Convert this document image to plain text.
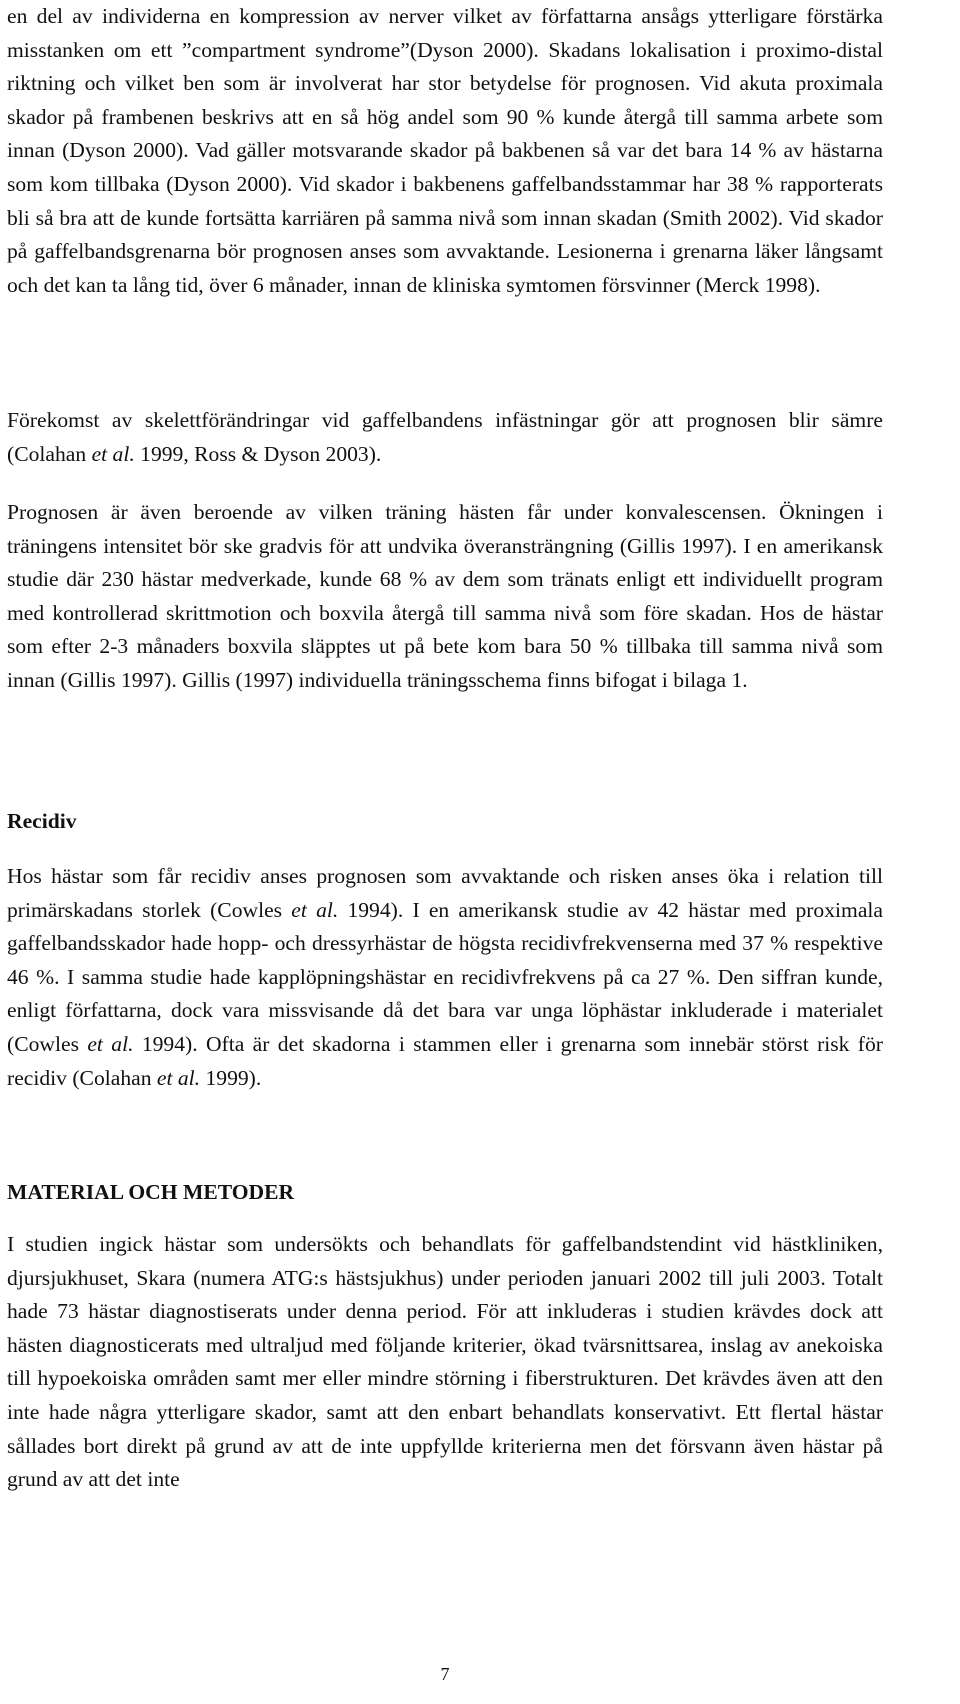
en del av individerna en kompression av nerver vilket av författarna ansågs ytterligare förstärka misstanken om ett ”compartment syndrome”(Dyson 2000). Skadans lokalisation i proximo-distal riktning och vilket ben som är involverat har stor betydelse för prognosen. Vid akuta proximala skador på frambenen beskrivs att en så hög andel som 90 % kunde återgå till samma arbete som innan (Dyson 2000). Vad gäller motsvarande skador på bakbenen så var det bara 14 % av hästarna som kom tillbaka (Dyson 2000). Vid skador i bakbenens gaffelbandsstammar har 38 % rapporterats bli så bra att de kunde fortsätta karriären på samma nivå som innan skadan (Smith 2002). Vid skador på gaffelbandsgrenarna bör prognosen anses som avvaktande. Lesionerna i grenarna läker långsamt och det kan ta lång tid, över 6 månader, innan de kliniska symtomen försvinner (Merck 1998).

Förekomst av skelettförändringar vid gaffelbandens infästningar gör att prognosen blir sämre (Colahan et al. 1999, Ross & Dyson 2003).

Prognosen är även beroende av vilken träning hästen får under konvalescensen. Ökningen i träningens intensitet bör ske gradvis för att undvika överansträngning (Gillis 1997). I en amerikansk studie där 230 hästar medverkade, kunde 68 % av dem som tränats enligt ett individuellt program med kontrollerad skrittmotion och boxvila återgå till samma nivå som före skadan. Hos de hästar som efter 2-3 månaders boxvila släpptes ut på bete kom bara 50 % tillbaka till samma nivå som innan (Gillis 1997). Gillis (1997) individuella träningsschema finns bifogat i bilaga 1.

Recidiv

Hos hästar som får recidiv anses prognosen som avvaktande och risken anses öka i relation till primärskadans storlek (Cowles et al. 1994). I en amerikansk studie av 42 hästar med proximala gaffelbandsskador hade hopp- och dressyrhästar de högsta recidivfrekvenserna med 37 % respektive 46 %. I samma studie hade kapplöpningshästar en recidivfrekvens på ca 27 %. Den siffran kunde, enligt författarna, dock vara missvisande då det bara var unga löphästar inkluderade i materialet (Cowles et al. 1994). Ofta är det skadorna i stammen eller i grenarna som innebär störst risk för recidiv (Colahan et al. 1999).

MATERIAL OCH METODER

I studien ingick hästar som undersökts och behandlats för gaffelbandstendint vid hästkliniken, djursjukhuset, Skara (numera ATG:s hästsjukhus) under perioden januari 2002 till juli 2003. Totalt hade 73 hästar diagnostiserats under denna period. För att inkluderas i studien krävdes dock att hästen diagnosticerats med ultraljud med följande kriterier, ökad tvärsnittsarea, inslag av anekoiska till hypoekoiska områden samt mer eller mindre störning i fiberstrukturen. Det krävdes även att den inte hade några ytterligare skador, samt att den enbart behandlats konservativt. Ett flertal hästar sållades bort direkt på grund av att de inte uppfyllde kriterierna men det försvann även hästar på grund av att det inte

7
